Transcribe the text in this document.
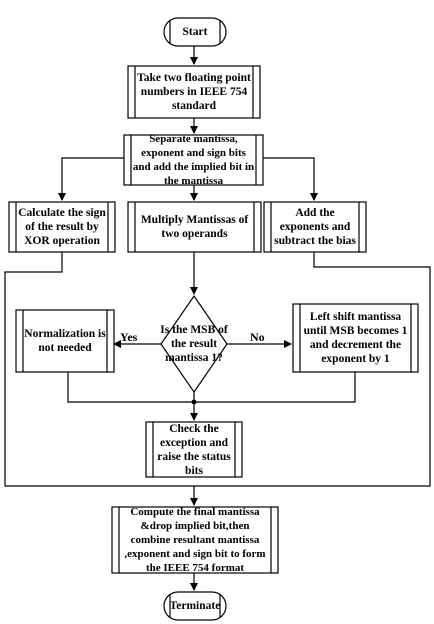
Start
Take two floating point numbers in IEEE 754 standard
Separate mantissa, exponent and sign bits and add the implied bit in the mantissa
Calculate the sign of the result by XOR operation
Multiply Mantissas of two operands
Add the exponents and subtract the bias
Is the MSB of the result mantissa 1?
Normalization is not needed
Left shift mantissa until MSB becomes 1 and decrement the exponent by 1
Check the exception and raise the status bits
Compute the final mantissa &drop implied bit,then combine resultant mantissa ,exponent and sign bit to form the IEEE 754 format
Terminate
Yes	No
